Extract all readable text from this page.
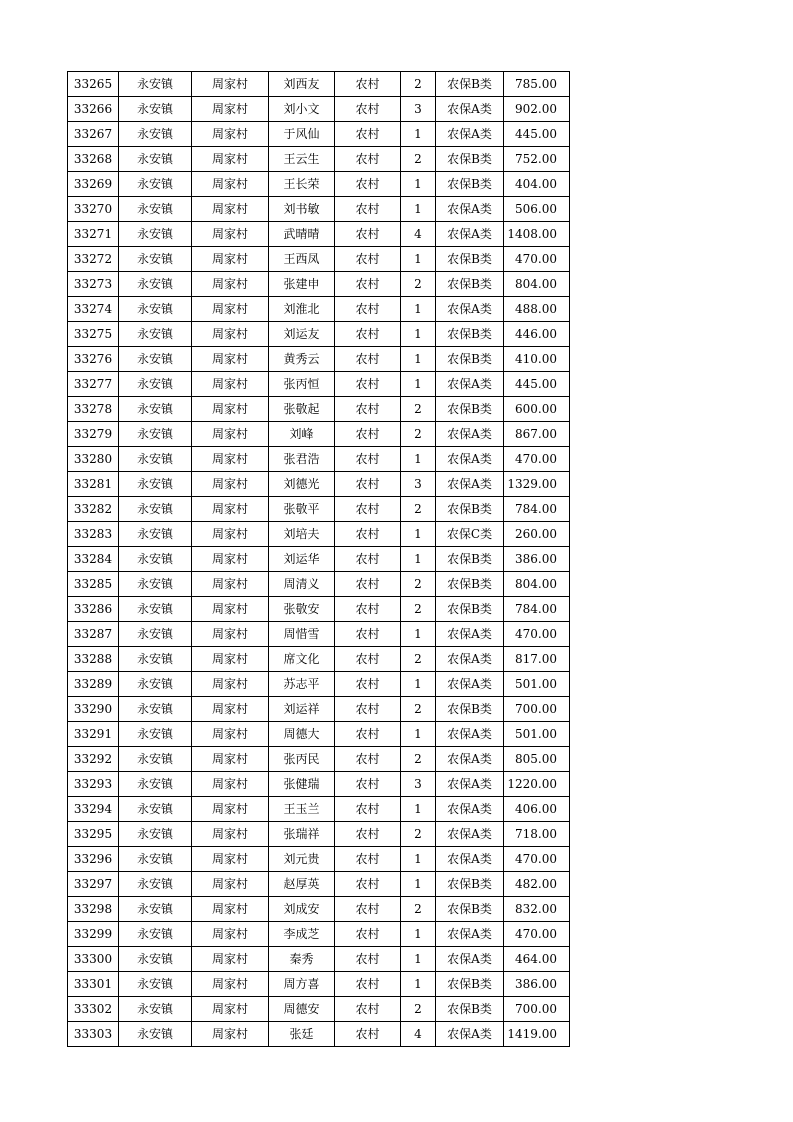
33265	永安镇	周家村	刘西友	农村	2	农保B类	785.00
33266	永安镇	周家村	刘小文	农村	3	农保A类	902.00
33267	永安镇	周家村	于风仙	农村	1	农保A类	445.00
33268	永安镇	周家村	王云生	农村	2	农保B类	752.00
33269	永安镇	周家村	王长荣	农村	1	农保B类	404.00
33270	永安镇	周家村	刘书敏	农村	1	农保A类	506.00
33271	永安镇	周家村	武晴晴	农村	4	农保A类	1408.00
33272	永安镇	周家村	王西凤	农村	1	农保B类	470.00
33273	永安镇	周家村	张建申	农村	2	农保B类	804.00
33274	永安镇	周家村	刘淮北	农村	1	农保A类	488.00
33275	永安镇	周家村	刘运友	农村	1	农保B类	446.00
33276	永安镇	周家村	黄秀云	农村	1	农保B类	410.00
33277	永安镇	周家村	张丙恒	农村	1	农保A类	445.00
33278	永安镇	周家村	张敬起	农村	2	农保B类	600.00
33279	永安镇	周家村	刘峰	农村	2	农保A类	867.00
33280	永安镇	周家村	张君浩	农村	1	农保A类	470.00
33281	永安镇	周家村	刘德光	农村	3	农保A类	1329.00
33282	永安镇	周家村	张敬平	农村	2	农保B类	784.00
33283	永安镇	周家村	刘培夫	农村	1	农保C类	260.00
33284	永安镇	周家村	刘运华	农村	1	农保B类	386.00
33285	永安镇	周家村	周清义	农村	2	农保B类	804.00
33286	永安镇	周家村	张敬安	农村	2	农保B类	784.00
33287	永安镇	周家村	周惜雪	农村	1	农保A类	470.00
33288	永安镇	周家村	席文化	农村	2	农保A类	817.00
33289	永安镇	周家村	苏志平	农村	1	农保A类	501.00
33290	永安镇	周家村	刘运祥	农村	2	农保B类	700.00
33291	永安镇	周家村	周德大	农村	1	农保A类	501.00
33292	永安镇	周家村	张丙民	农村	2	农保A类	805.00
33293	永安镇	周家村	张健瑞	农村	3	农保A类	1220.00
33294	永安镇	周家村	王玉兰	农村	1	农保A类	406.00
33295	永安镇	周家村	张瑞祥	农村	2	农保A类	718.00
33296	永安镇	周家村	刘元贵	农村	1	农保A类	470.00
33297	永安镇	周家村	赵厚英	农村	1	农保B类	482.00
33298	永安镇	周家村	刘成安	农村	2	农保B类	832.00
33299	永安镇	周家村	李成芝	农村	1	农保A类	470.00
33300	永安镇	周家村	秦秀	农村	1	农保A类	464.00
33301	永安镇	周家村	周方喜	农村	1	农保B类	386.00
33302	永安镇	周家村	周德安	农村	2	农保B类	700.00
33303	永安镇	周家村	张廷	农村	4	农保A类	1419.00
